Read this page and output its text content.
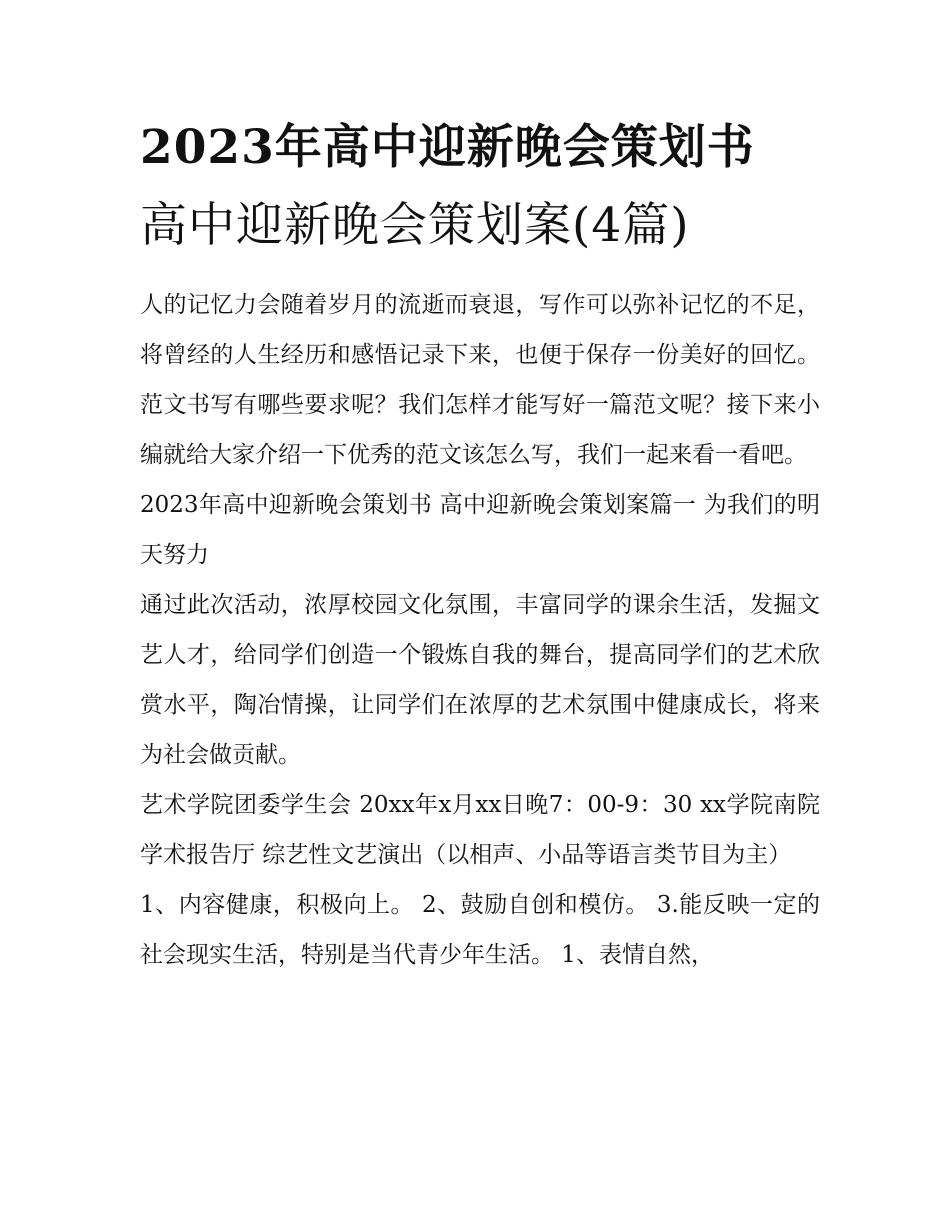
2023年高中迎新晚会策划书
高中迎新晚会策划案(4篇)

人的记忆力会随着岁月的流逝而衰退，写作可以弥补记忆的不足，将曾经的人生经历和感悟记录下来，也便于保存一份美好的回忆。范文书写有哪些要求呢？我们怎样才能写好一篇范文呢？接下来小编就给大家介绍一下优秀的范文该怎么写，我们一起来看一看吧。

2023年高中迎新晚会策划书 高中迎新晚会策划案篇一 为我们的明天努力

通过此次活动，浓厚校园文化氛围，丰富同学的课余生活，发掘文艺人才，给同学们创造一个锻炼自我的舞台，提高同学们的艺术欣赏水平，陶冶情操，让同学们在浓厚的艺术氛围中健康成长，将来为社会做贡献。

艺术学院团委学生会 20xx年x月xx日晚7：00-9：30 xx学院南院学术报告厅 综艺性文艺演出（以相声、小品等语言类节目为主）

1、内容健康，积极向上。 2、鼓励自创和模仿。 3.能反映一定的社会现实生活，特别是当代青少年生活。 1、表情自然，
